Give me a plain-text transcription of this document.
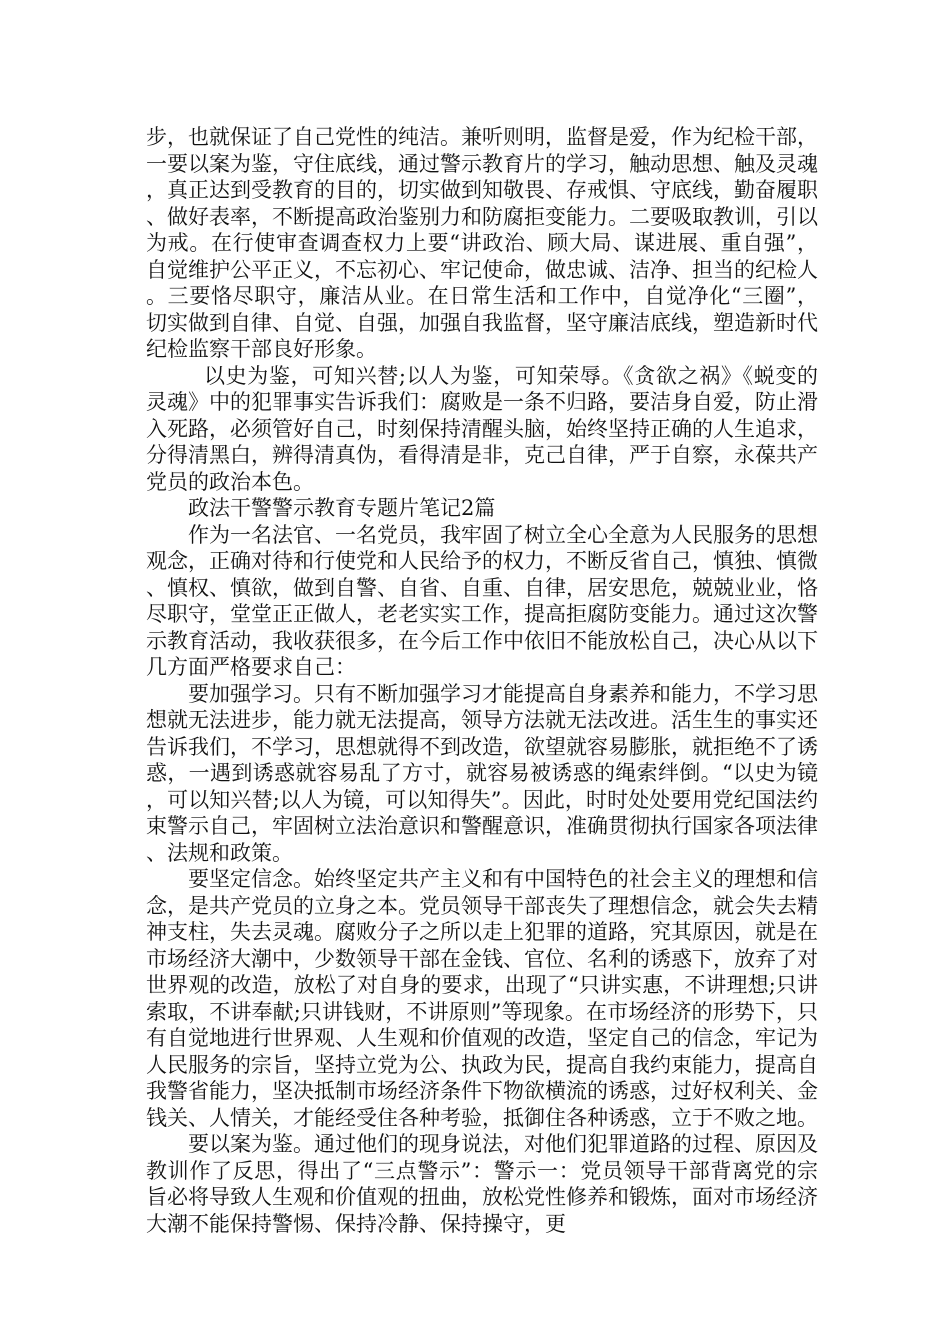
步，也就保证了自己党性的纯洁。兼听则明，监督是爱，作为纪检干部，一要以案为鉴，守住底线，通过警示教育片的学习，触动思想、触及灵魂，真正达到受教育的目的，切实做到知敬畏、存戒惧、守底线，勤奋履职、做好表率，不断提高政治鉴别力和防腐拒变能力。二要吸取教训，引以为戒。在行使审查调查权力上要“讲政治、顾大局、谋进展、重自强”，自觉维护公平正义，不忘初心、牢记使命，做忠诚、洁净、担当的纪检人。三要恪尽职守，廉洁从业。在日常生活和工作中，自觉净化“三圈”，切实做到自律、自觉、自强，加强自我监督，坚守廉洁底线，塑造新时代纪检监察干部良好形象。

以史为鉴，可知兴替;以人为鉴，可知荣辱。《贪欲之祸》《蜕变的灵魂》中的犯罪事实告诉我们：腐败是一条不归路，要洁身自爱，防止滑入死路，必须管好自己，时刻保持清醒头脑，始终坚持正确的人生追求，分得清黑白，辨得清真伪，看得清是非，克己自律，严于自察，永葆共产党员的政治本色。

政法干警警示教育专题片笔记2篇

作为一名法官、一名党员，我牢固了树立全心全意为人民服务的思想观念，正确对待和行使党和人民给予的权力，不断反省自己，慎独、慎微、慎权、慎欲，做到自警、自省、自重、自律，居安思危，兢兢业业，恪尽职守，堂堂正正做人，老老实实工作，提高拒腐防变能力。通过这次警示教育活动，我收获很多，在今后工作中依旧不能放松自己，决心从以下几方面严格要求自己：

要加强学习。只有不断加强学习才能提高自身素养和能力，不学习思想就无法进步，能力就无法提高，领导方法就无法改进。活生生的事实还告诉我们，不学习，思想就得不到改造，欲望就容易膨胀，就拒绝不了诱惑，一遇到诱惑就容易乱了方寸，就容易被诱惑的绳索绊倒。“以史为镜，可以知兴替;以人为镜，可以知得失”。因此，时时处处要用党纪国法约束警示自己，牢固树立法治意识和警醒意识，准确贯彻执行国家各项法律、法规和政策。

要坚定信念。始终坚定共产主义和有中国特色的社会主义的理想和信念，是共产党员的立身之本。党员领导干部丧失了理想信念，就会失去精神支柱，失去灵魂。腐败分子之所以走上犯罪的道路，究其原因，就是在市场经济大潮中，少数领导干部在金钱、官位、名利的诱惑下，放弃了对世界观的改造，放松了对自身的要求，出现了“只讲实惠，不讲理想;只讲索取，不讲奉献;只讲钱财，不讲原则”等现象。在市场经济的形势下，只有自觉地进行世界观、人生观和价值观的改造，坚定自己的信念，牢记为人民服务的宗旨，坚持立党为公、执政为民，提高自我约束能力，提高自我警省能力，坚决抵制市场经济条件下物欲横流的诱惑，过好权利关、金钱关、人情关，才能经受住各种考验，抵御住各种诱惑，立于不败之地。

要以案为鉴。通过他们的现身说法，对他们犯罪道路的过程、原因及教训作了反思，得出了“三点警示”：警示一：党员领导干部背离党的宗旨必将导致人生观和价值观的扭曲，放松党性修养和锻炼，面对市场经济大潮不能保持警惕、保持冷静、保持操守，更
